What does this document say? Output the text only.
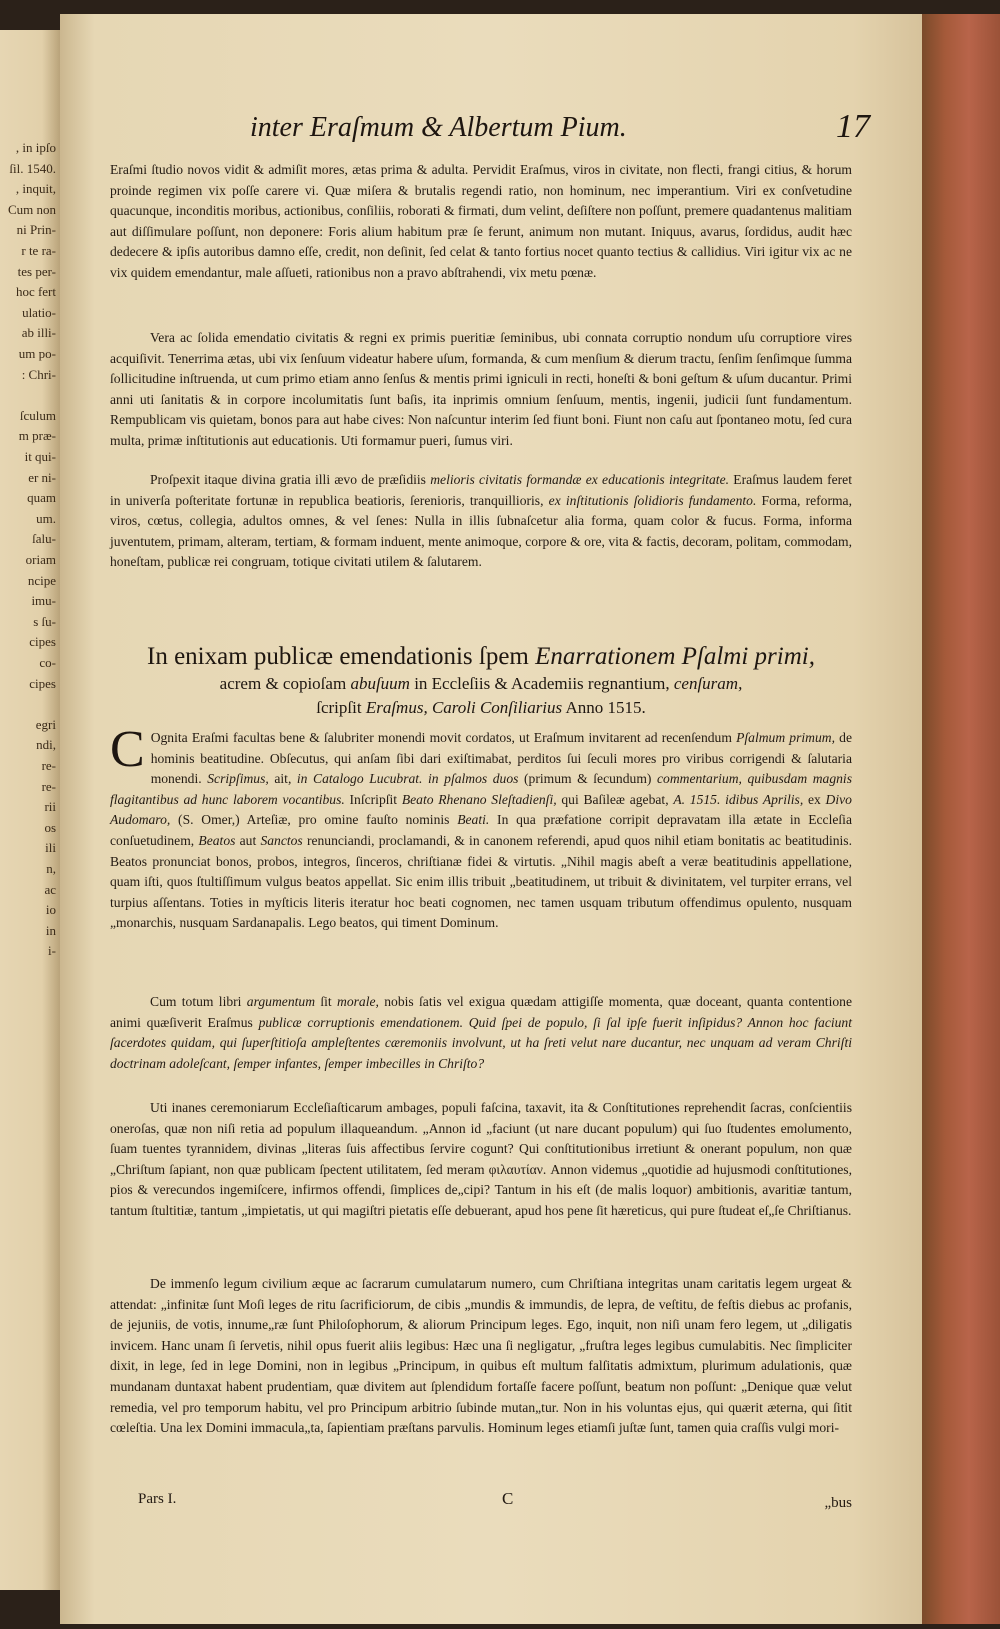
, in ipſo
ſil. 1540.
, inquit,
Cum non
ni Prin-
r te ra-
tes per-
hoc fert
ulatio-
ab illi-
um po-
: Chri-
ſculum
m præ-
it qui-
er ni-
quam
um.
ſalu-
oriam
ncipe
imu-
s ſu-
cipes
co-
cipes
egri
ndi,
re-
re-
rii
os
ili
n,
ac
io
in
i-
inter Eraſmum & Albertum Pium.	17

Eraſmi ſtudio novos vidit & admiſit mores, ætas prima & adulta. Pervidit Eraſmus, viros in civitate, non flecti, frangi citius, & horum proinde regimen vix poſſe carere vi. Quæ miſera & brutalis regendi ratio, non hominum, nec imperantium. Viri ex conſvetudine quacunque, inconditis moribus, actionibus, conſiliis, roborati & firmati, dum velint, deſiſtere non poſſunt, premere quadantenus malitiam aut diſſimulare poſſunt, non deponere: Foris alium habitum præ ſe ferunt, animum non mutant. Iniquus, avarus, ſordidus, audit hæc dedecere & ipſis autoribus damno eſſe, credit, non deſinit, ſed celat & tanto fortius nocet quanto tectius & callidius. Viri igitur vix ac ne vix quidem emendantur, male aſſueti, rationibus non a pravo abſtrahendi, vix metu pœnæ.

Vera ac ſolida emendatio civitatis & regni ex primis pueritiæ ſeminibus, ubi connata corruptio nondum uſu corruptiore vires acquiſivit. Tenerrima ætas, ubi vix ſenſuum videatur habere uſum, formanda, & cum menſium & dierum tractu, ſenſim ſenſimque ſumma ſollicitudine inſtruenda, ut cum primo etiam anno ſenſus & mentis primi igniculi in recti, honeſti & boni geſtum & uſum ducantur. Primi anni uti ſanitatis & in corpore incolumitatis ſunt baſis, ita inprimis omnium ſenſuum, mentis, ingenii, judicii ſunt fundamentum. Rempublicam vis quietam, bonos para aut habe cives: Non naſcuntur interim ſed fiunt boni. Fiunt non caſu aut ſpontaneo motu, ſed cura multa, primæ inſtitutionis aut educationis. Uti formamur pueri, ſumus viri.

Proſpexit itaque divina gratia illi ævo de præſidiis melioris civitatis formandæ ex educationis integritate. Eraſmus laudem feret in univerſa poſteritate fortunæ in republica beatioris, ſerenioris, tranquillioris, ex inſtitutionis ſolidioris fundamento. Forma, reforma, viros, cœtus, collegia, adultos omnes, & vel ſenes: Nulla in illis ſubnaſcetur alia forma, quam color & fucus. Forma, informa juventutem, primam, alteram, tertiam, & formam induent, mente animoque, corpore & ore, vita & factis, decoram, politam, commodam, honeſtam, publicæ rei congruam, totique civitati utilem & ſalutarem.

In enixam publicæ emendationis ſpem Enarrationem Pſalmi primi,
acrem & copioſam abuſuum in Eccleſiis & Academiis regnantium, cenſuram,
ſcripſit Eraſmus, Caroli Conſiliarius Anno 1515.

C Ognita Eraſmi facultas bene & ſalubriter monendi movit cordatos, ut Eraſmum invitarent ad recenſendum Pſalmum primum, de hominis beatitudine. Obſecutus, qui anſam ſibi dari exiſtimabat, perditos ſui ſeculi mores pro viribus corrigendi & ſalutaria monendi. Scripſimus, ait, in Catalogo Lucubrat. in pſalmos duos (primum & ſecundum) commentarium, quibusdam magnis flagitantibus ad hunc laborem vocantibus. Inſcripſit Beato Rhenano Sleſtadienſi, qui Baſileæ agebat, A. 1515. idibus Aprilis, ex Divo Audomaro, (S. Omer,) Arteſiæ, pro omine fauſto nominis Beati. In qua præfatione corripit depravatam illa ætate in Eccleſia conſuetudinem, Beatos aut Sanctos renunciandi, proclamandi, & in canonem referendi, apud quos nihil etiam bonitatis ac beatitudinis. Beatos pronunciat bonos, probos, integros, ſinceros, chriſtianæ fidei & virtutis. „Nihil magis abeſt a veræ beatitudinis appellatione, quam iſti, quos ſtultiſſimum vulgus beatos appellat. Sic enim illis tribuit „beatitudinem, ut tribuit & divinitatem, vel turpiter errans, vel turpius aſſentans. Toties in myſticis literis iteratur hoc beati cognomen, nec tamen usquam tributum offendimus opulento, nusquam „monarchis, nusquam Sardanapalis. Lego beatos, qui timent Dominum.

Cum totum libri argumentum ſit morale, nobis ſatis vel exigua quædam attigiſſe momenta, quæ doceant, quanta contentione animi quæſiverit Eraſmus publicæ corruptionis emendationem. Quid ſpei de populo, ſi ſal ipſe fuerit inſipidus? Annon hoc faciunt ſacerdotes quidam, qui ſuperſtitioſa ampleſtentes cæremoniis involvunt, ut ha ſreti velut nare ducantur, nec unquam ad veram Chriſti doctrinam adoleſcant, ſemper infantes, ſemper imbecilles in Chriſto?

Uti inanes ceremoniarum Eccleſiaſticarum ambages, populi faſcina, taxavit, ita & Conſtitutiones reprehendit ſacras, conſcientiis oneroſas, quæ non niſi retia ad populum illaqueandum. „Annon id „faciunt (ut nare ducant populum) qui ſuo ſtudentes emolumento, ſuam tuentes tyrannidem, divinas „literas ſuis affectibus ſervire cogunt? Qui conſtitutionibus irretiunt & onerant populum, non quæ „Chriſtum ſapiant, non quæ publicam ſpectent utilitatem, ſed meram φιλαυτίαν. Annon videmus „quotidie ad hujusmodi conſtitutiones, pios & verecundos ingemiſcere, infirmos offendi, ſimplices de„cipi? Tantum in his eſt (de malis loquor) ambitionis, avaritiæ tantum, tantum ſtultitiæ, tantum „impietatis, ut qui magiſtri pietatis eſſe debuerant, apud hos pene ſit hæreticus, qui pure ſtudeat eſ„ſe Chriſtianus.

De immenſo legum civilium æque ac ſacrarum cumulatarum numero, cum Chriſtiana integritas unam caritatis legem urgeat & attendat: „infinitæ ſunt Moſi leges de ritu ſacrificiorum, de cibis „mundis & immundis, de lepra, de veſtitu, de feſtis diebus ac profanis, de jejuniis, de votis, innume„ræ ſunt Philoſophorum, & aliorum Principum leges. Ego, inquit, non niſi unam fero legem, ut „diligatis invicem. Hanc unam ſi ſervetis, nihil opus fuerit aliis legibus: Hæc una ſi negligatur, „fruſtra leges legibus cumulabitis. Nec ſimpliciter dixit, in lege, ſed in lege Domini, non in legibus „Principum, in quibus eſt multum falſitatis admixtum, plurimum adulationis, quæ mundanam duntaxat habent prudentiam, quæ divitem aut ſplendidum fortaſſe facere poſſunt, beatum non poſſunt: „Denique quæ velut remedia, vel pro temporum habitu, vel pro Principum arbitrio ſubinde mutan„tur. Non in his voluntas ejus, qui quærit æterna, qui ſitit cœleſtia. Una lex Domini immacula„ta, ſapientiam præſtans parvulis. Hominum leges etiamſi juſtæ ſunt, tamen quia craſſis vulgi mori-

Pars I.	C	„bus
